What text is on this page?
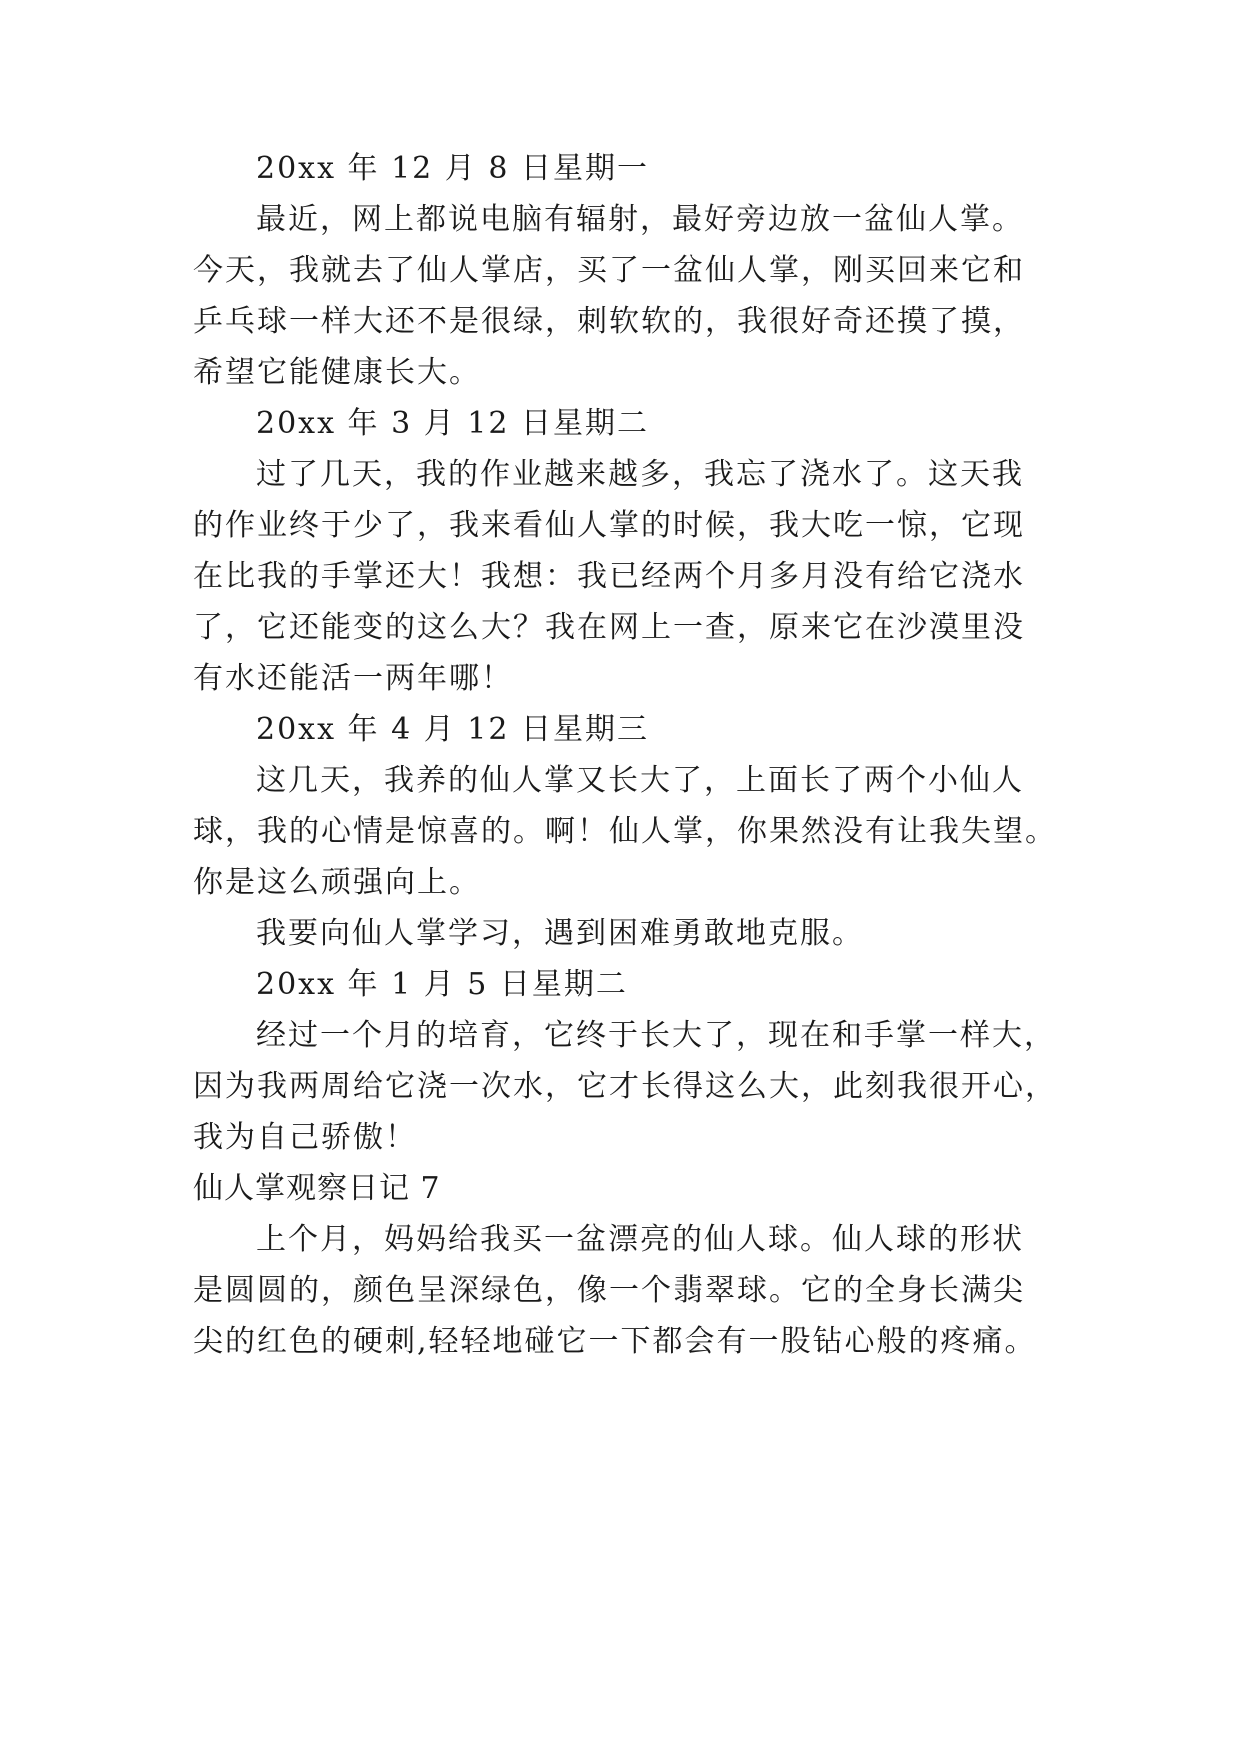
20xx 年 12 月 8 日星期一
最近，网上都说电脑有辐射，最好旁边放一盆仙人掌。
今天，我就去了仙人掌店，买了一盆仙人掌，刚买回来它和
乒乓球一样大还不是很绿，刺软软的，我很好奇还摸了摸，
希望它能健康长大。
20xx 年 3 月 12 日星期二
过了几天，我的作业越来越多，我忘了浇水了。这天我
的作业终于少了，我来看仙人掌的时候，我大吃一惊，它现
在比我的手掌还大！我想：我已经两个月多月没有给它浇水
了，它还能变的这么大？我在网上一查，原来它在沙漠里没
有水还能活一两年哪！
20xx 年 4 月 12 日星期三
这几天，我养的仙人掌又长大了，上面长了两个小仙人
球，我的心情是惊喜的。啊！仙人掌，你果然没有让我失望。
你是这么顽强向上。
我要向仙人掌学习，遇到困难勇敢地克服。
20xx 年 1 月 5 日星期二
经过一个月的培育，它终于长大了，现在和手掌一样大，
因为我两周给它浇一次水，它才长得这么大，此刻我很开心，
我为自己骄傲！
仙人掌观察日记 7
上个月，妈妈给我买一盆漂亮的仙人球。仙人球的形状
是圆圆的，颜色呈深绿色，像一个翡翠球。它的全身长满尖
尖的红色的硬刺,轻轻地碰它一下都会有一股钻心般的疼痛。
